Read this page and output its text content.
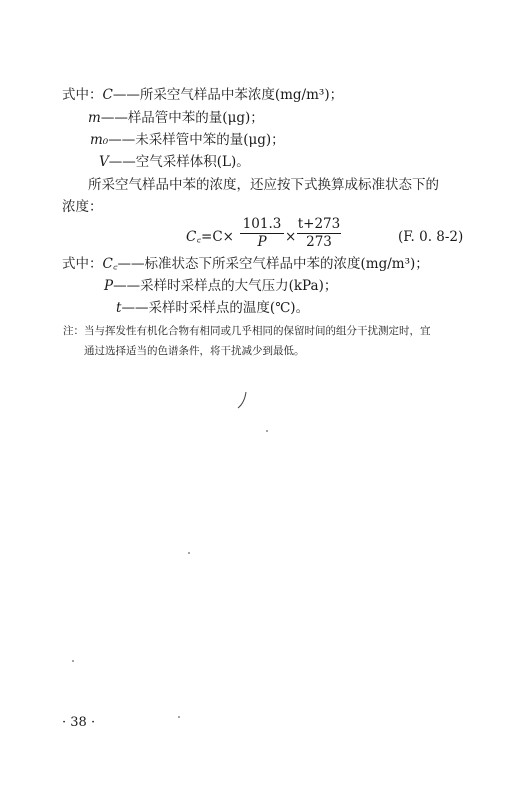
式中：C——所采空气样品中苯浓度(mg/m³)；
m——样品管中苯的量(μg)；
m₀——未采样管中笨的量(μg)；
V——空气采样体积(L)。
所采空气样品中苯的浓度，还应按下式换算成标准状态下的
浓度：
C꜀=C×
101.3
P	×
t+273
273	(F. 0. 8-2)
式中：C꜀——标准状态下所采空气样品中苯的浓度(mg/m³)；
P——采样时采样点的大气压力(kPa)；
t——采样时采样点的温度(℃)。
注：当与挥发性有机化合物有相同或几乎相同的保留时间的组分干扰测定时，宜
通过选择适当的色谱条件，将干扰减少到最低。
· 38 ·
